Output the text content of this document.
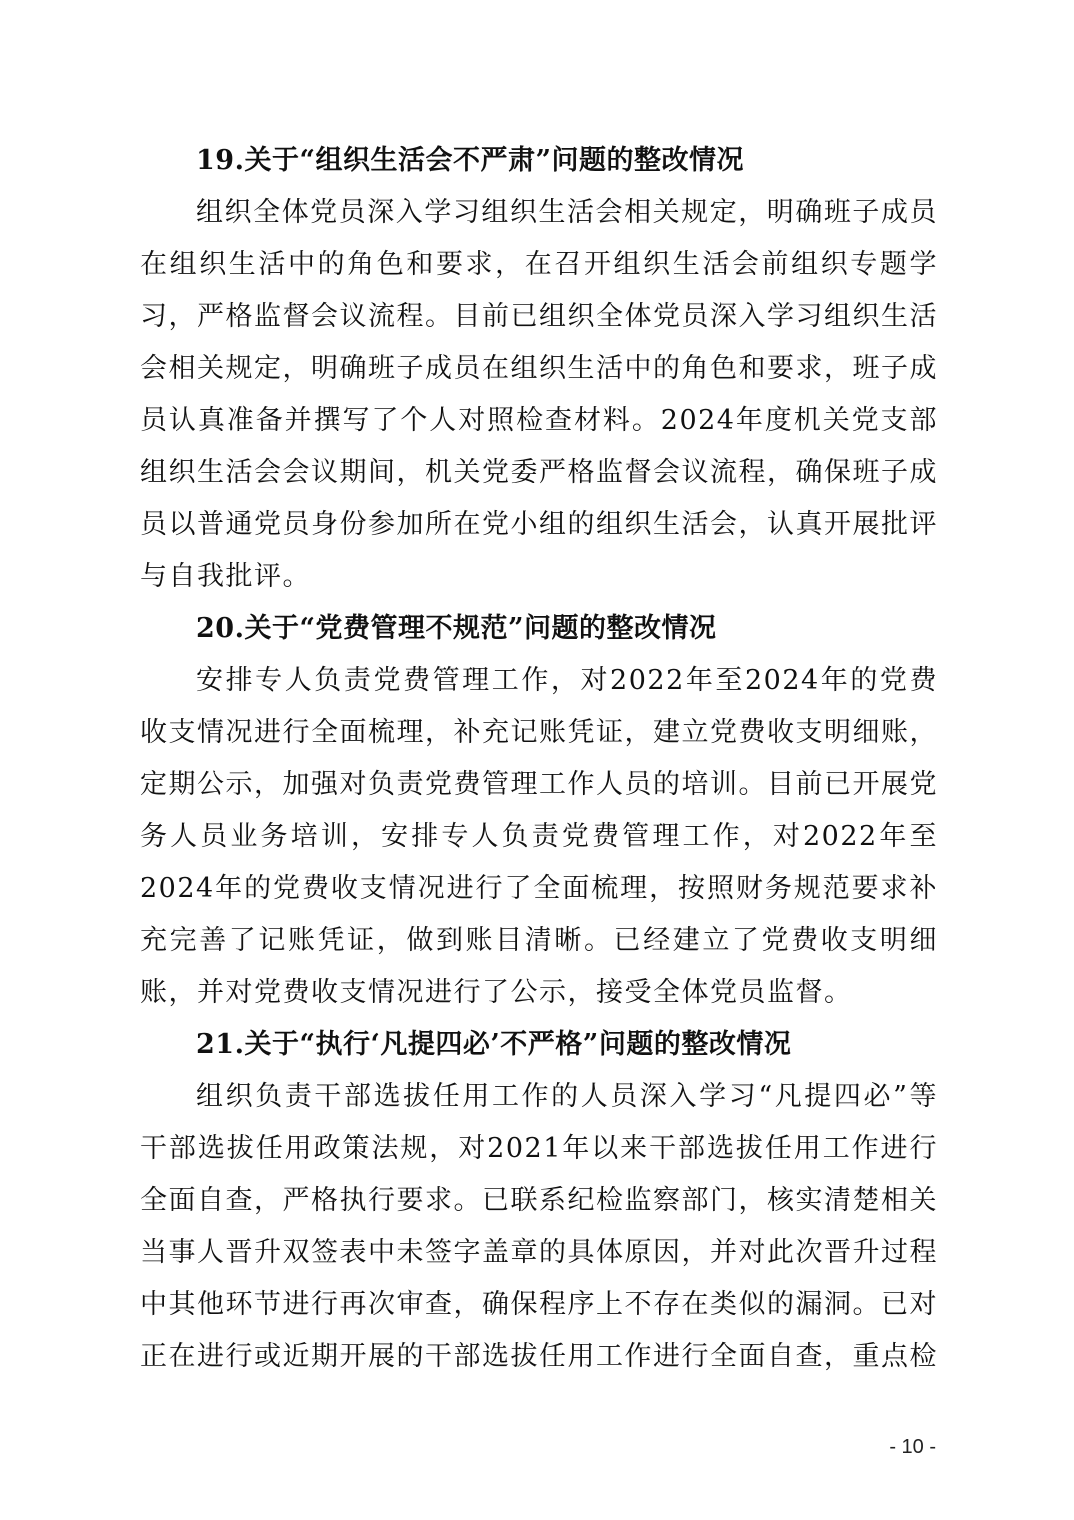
19.关于“组织生活会不严肃”问题的整改情况

组织全体党员深入学习组织生活会相关规定，明确班子成员在组织生活中的角色和要求，在召开组织生活会前组织专题学习，严格监督会议流程。目前已组织全体党员深入学习组织生活会相关规定，明确班子成员在组织生活中的角色和要求，班子成员认真准备并撰写了个人对照检查材料。2024年度机关党支部组织生活会会议期间，机关党委严格监督会议流程，确保班子成员以普通党员身份参加所在党小组的组织生活会，认真开展批评与自我批评。

20.关于“党费管理不规范”问题的整改情况

安排专人负责党费管理工作，对2022年至2024年的党费收支情况进行全面梳理，补充记账凭证，建立党费收支明细账，定期公示，加强对负责党费管理工作人员的培训。目前已开展党务人员业务培训，安排专人负责党费管理工作，对2022年至2024年的党费收支情况进行了全面梳理，按照财务规范要求补充完善了记账凭证，做到账目清晰。已经建立了党费收支明细账，并对党费收支情况进行了公示，接受全体党员监督。

21.关于“执行‘凡提四必’不严格”问题的整改情况

组织负责干部选拔任用工作的人员深入学习“凡提四必”等干部选拔任用政策法规，对2021年以来干部选拔任用工作进行全面自查，严格执行要求。已联系纪检监察部门，核实清楚相关当事人晋升双签表中未签字盖章的具体原因，并对此次晋升过程中其他环节进行再次审查，确保程序上不存在类似的漏洞。已对正在进行或近期开展的干部选拔任用工作进行全面自查，重点检

- 10 -
